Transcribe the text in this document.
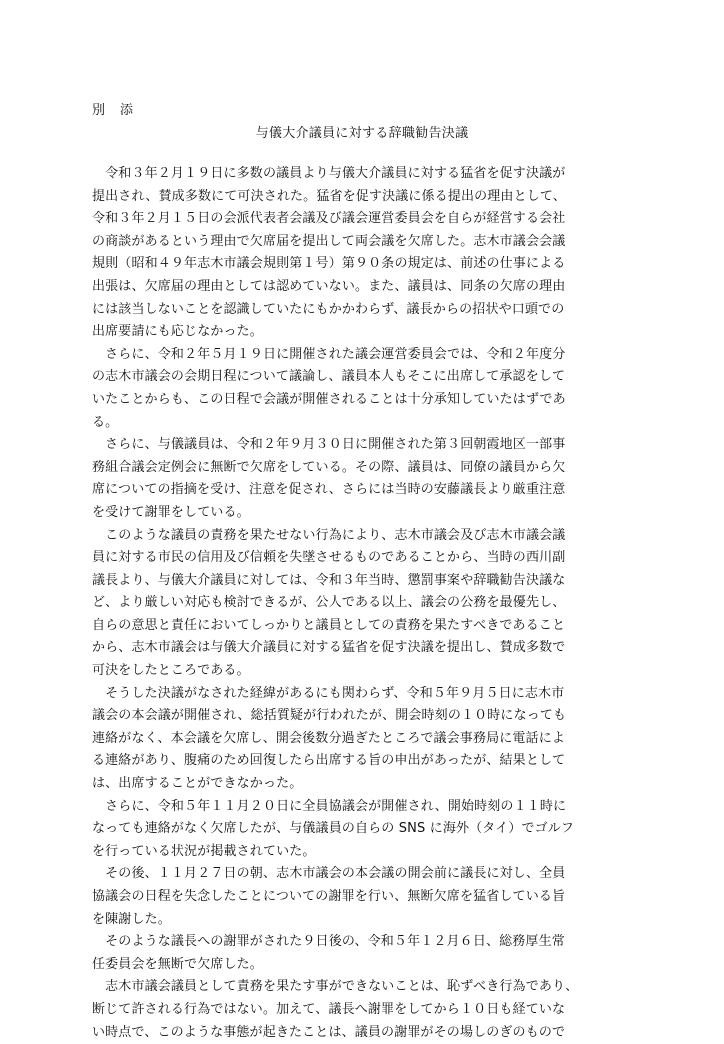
別　添
与儀大介議員に対する辞職勧告決議
　令和３年２月１９日に多数の議員より与儀大介議員に対する猛省を促す決議が
提出され、賛成多数にて可決された。猛省を促す決議に係る提出の理由として、
令和３年２月１５日の会派代表者会議及び議会運営委員会を自らが経営する会社
の商談があるという理由で欠席届を提出して両会議を欠席した。志木市議会会議
規則（昭和４９年志木市議会規則第１号）第９０条の規定は、前述の仕事による
出張は、欠席届の理由としては認めていない。また、議員は、同条の欠席の理由
には該当しないことを認識していたにもかかわらず、議長からの招状や口頭での
出席要請にも応じなかった。
　さらに、令和２年５月１９日に開催された議会運営委員会では、令和２年度分
の志木市議会の会期日程について議論し、議員本人もそこに出席して承認をして
いたことからも、この日程で会議が開催されることは十分承知していたはずであ
る。
　さらに、与儀議員は、令和２年９月３０日に開催された第３回朝霞地区一部事
務組合議会定例会に無断で欠席をしている。その際、議員は、同僚の議員から欠
席についての指摘を受け、注意を促され、さらには当時の安藤議長より厳重注意
を受けて謝罪をしている。
　このような議員の責務を果たせない行為により、志木市議会及び志木市議会議
員に対する市民の信用及び信頼を失墜させるものであることから、当時の西川副
議長より、与儀大介議員に対しては、令和３年当時、懲罰事案や辞職勧告決議な
ど、より厳しい対応も検討できるが、公人である以上、議会の公務を最優先し、
自らの意思と責任においてしっかりと議員としての責務を果たすべきであること
から、志木市議会は与儀大介議員に対する猛省を促す決議を提出し、賛成多数で
可決をしたところである。
　そうした決議がなされた経緯があるにも関わらず、令和５年９月５日に志木市
議会の本会議が開催され、総括質疑が行われたが、開会時刻の１０時になっても
連絡がなく、本会議を欠席し、開会後数分過ぎたところで議会事務局に電話によ
る連絡があり、腹痛のため回復したら出席する旨の申出があったが、結果として
は、出席することができなかった。
　さらに、令和５年１１月２０日に全員協議会が開催され、開始時刻の１１時に
なっても連絡がなく欠席したが、与儀議員の自らの SNS に海外（タイ）でゴルフ
を行っている状況が掲載されていた。
　その後、１１月２７日の朝、志木市議会の本会議の開会前に議長に対し、全員
協議会の日程を失念したことについての謝罪を行い、無断欠席を猛省している旨
を陳謝した。
　そのような議長への謝罪がされた９日後の、令和５年１２月６日、総務厚生常
任委員会を無断で欠席した。
　志木市議会議員として責務を果たす事ができないことは、恥ずべき行為であり、
断じて許される行為ではない。加えて、議長へ謝罪をしてから１０日も経ていな
い時点で、このような事態が起きたことは、議員の謝罪がその場しのぎのもので
